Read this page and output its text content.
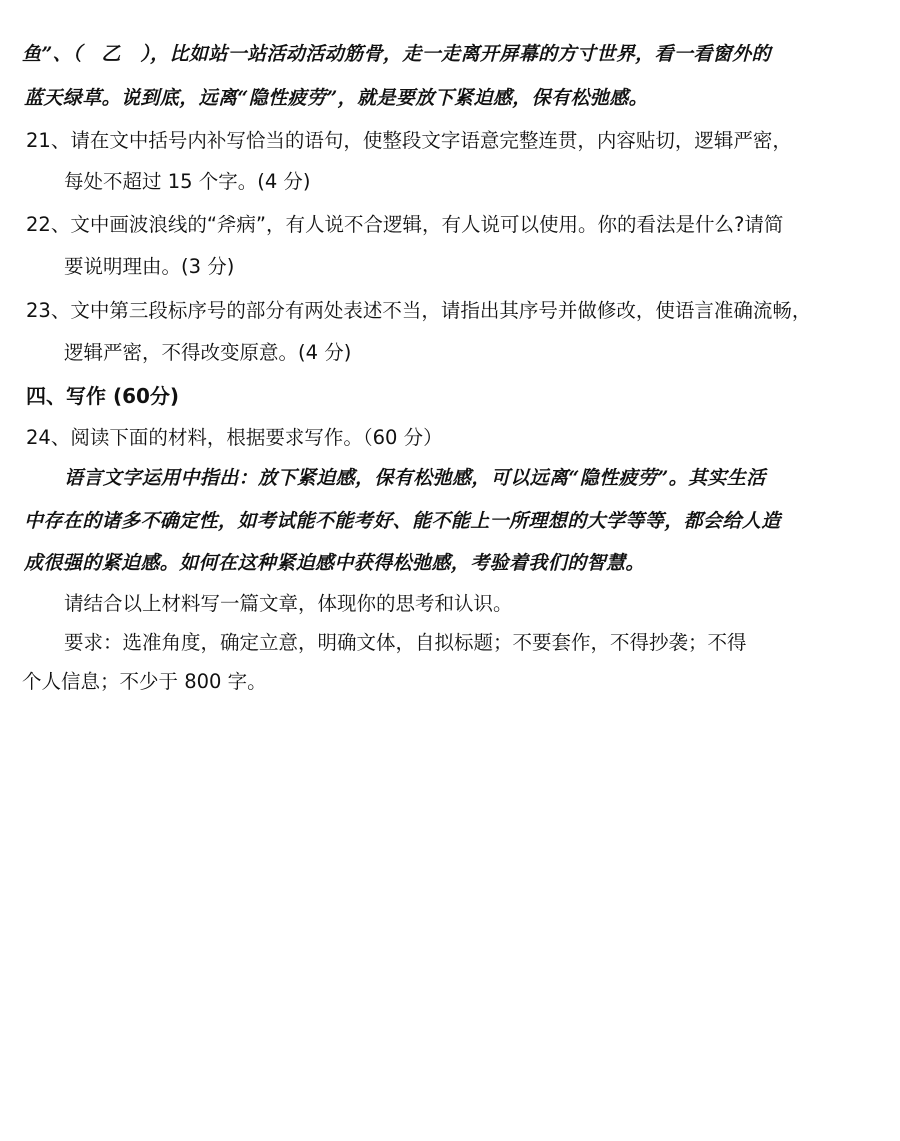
鱼”、（　乙　），比如站一站活动活动筋骨，走一走离开屏幕的方寸世界，看一看窗外的
蓝天绿草。说到底，远离“隐性疲劳”，就是要放下紧迫感，保有松弛感。
21、请在文中括号内补写恰当的语句，使整段文字语意完整连贯，内容贴切，逻辑严密，
每处不超过 15 个字。(4 分)
22、文中画波浪线的“斧病”，有人说不合逻辑，有人说可以使用。你的看法是什么?请简
要说明理由。(3 分)
23、文中第三段标序号的部分有两处表述不当，请指出其序号并做修改，使语言准确流畅，
逻辑严密，不得改变原意。(4 分)
四、写作 (60分)
24、阅读下面的材料，根据要求写作。（60 分）
语言文字运用中指出：放下紧迫感，保有松弛感，可以远离“隐性疲劳”。其实生活
中存在的诸多不确定性，如考试能不能考好、能不能上一所理想的大学等等，都会给人造
成很强的紧迫感。如何在这种紧迫感中获得松弛感，考验着我们的智慧。
请结合以上材料写一篇文章，体现你的思考和认识。
要求：选准角度，确定立意，明确文体，自拟标题；不要套作，不得抄袭；不得
个人信息；不少于 800 字。
